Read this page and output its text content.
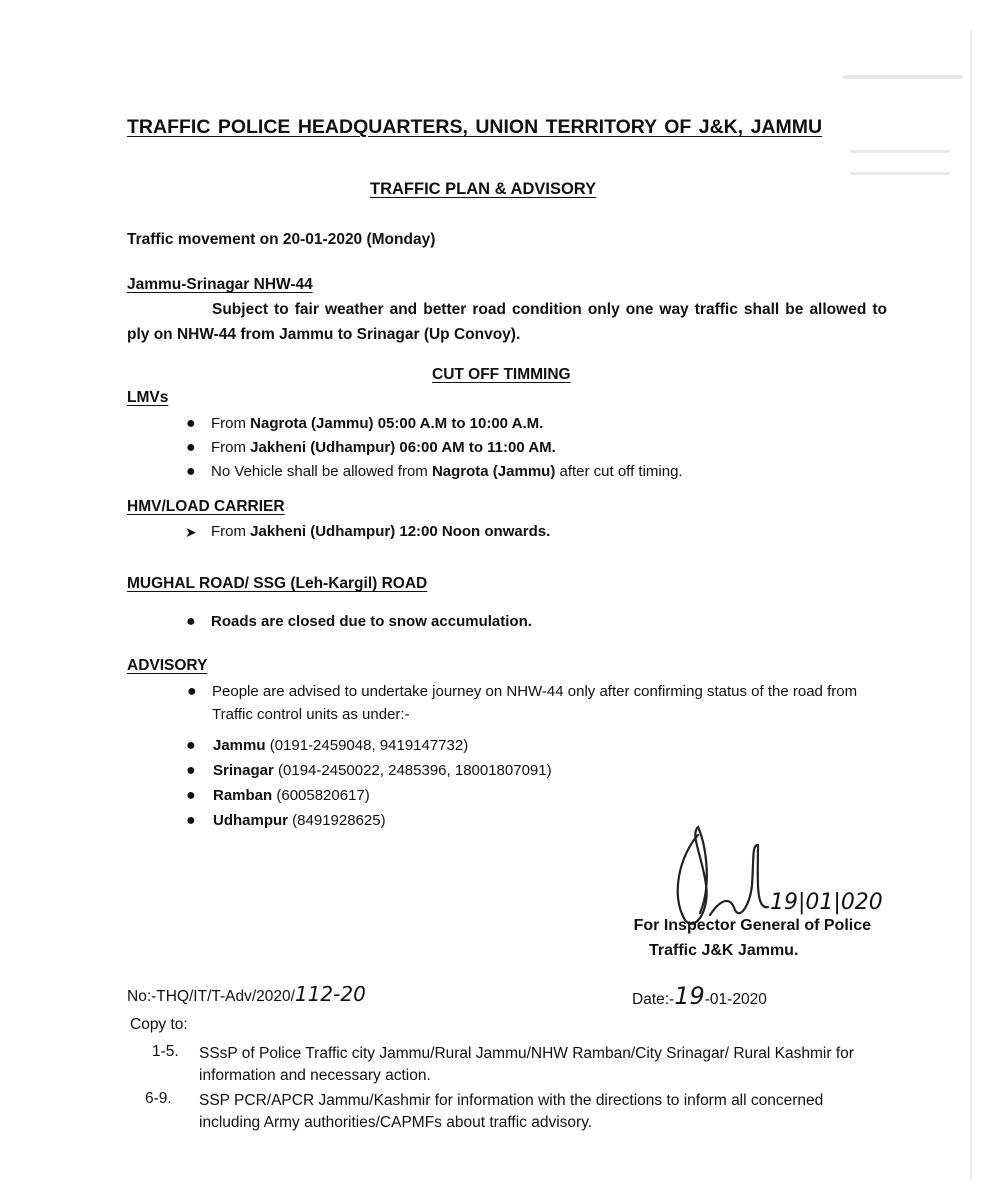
TRAFFIC POLICE HEADQUARTERS, UNION TERRITORY OF J&K, JAMMU
TRAFFIC PLAN & ADVISORY
Traffic movement on 20-01-2020 (Monday)
Jammu-Srinagar NHW-44
Subject to fair weather and better road condition only one way traffic shall be allowed to ply on NHW-44 from Jammu to Srinagar (Up Convoy).
CUT OFF TIMMING
LMVs
● From Nagrota (Jammu) 05:00 A.M to 10:00 A.M.
● From Jakheni (Udhampur) 06:00 AM to 11:00 AM.
● No Vehicle shall be allowed from Nagrota (Jammu) after cut off timing.
HMV/LOAD CARRIER
➤ From Jakheni (Udhampur) 12:00 Noon onwards.
MUGHAL ROAD/ SSG (Leh-Kargil) ROAD
● Roads are closed due to snow accumulation.
ADVISORY
● People are advised to undertake journey on NHW-44 only after confirming status of the road from Traffic control units as under:-
● Jammu (0191-2459048, 9419147732)
● Srinagar (0194-2450022, 2485396, 18001807091)
● Ramban (6005820617)
● Udhampur (8491928625)
19|01|020
For Inspector General of Police
Traffic J&K Jammu.
No:-THQ/IT/T-Adv/2020/112-20	Date:-19-01-2020
Copy to:
1-5. SSsP of Police Traffic city Jammu/Rural Jammu/NHW Ramban/City Srinagar/ Rural Kashmir for information and necessary action.
6-9. SSP PCR/APCR Jammu/Kashmir for information with the directions to inform all concerned including Army authorities/CAPMFs about traffic advisory.
